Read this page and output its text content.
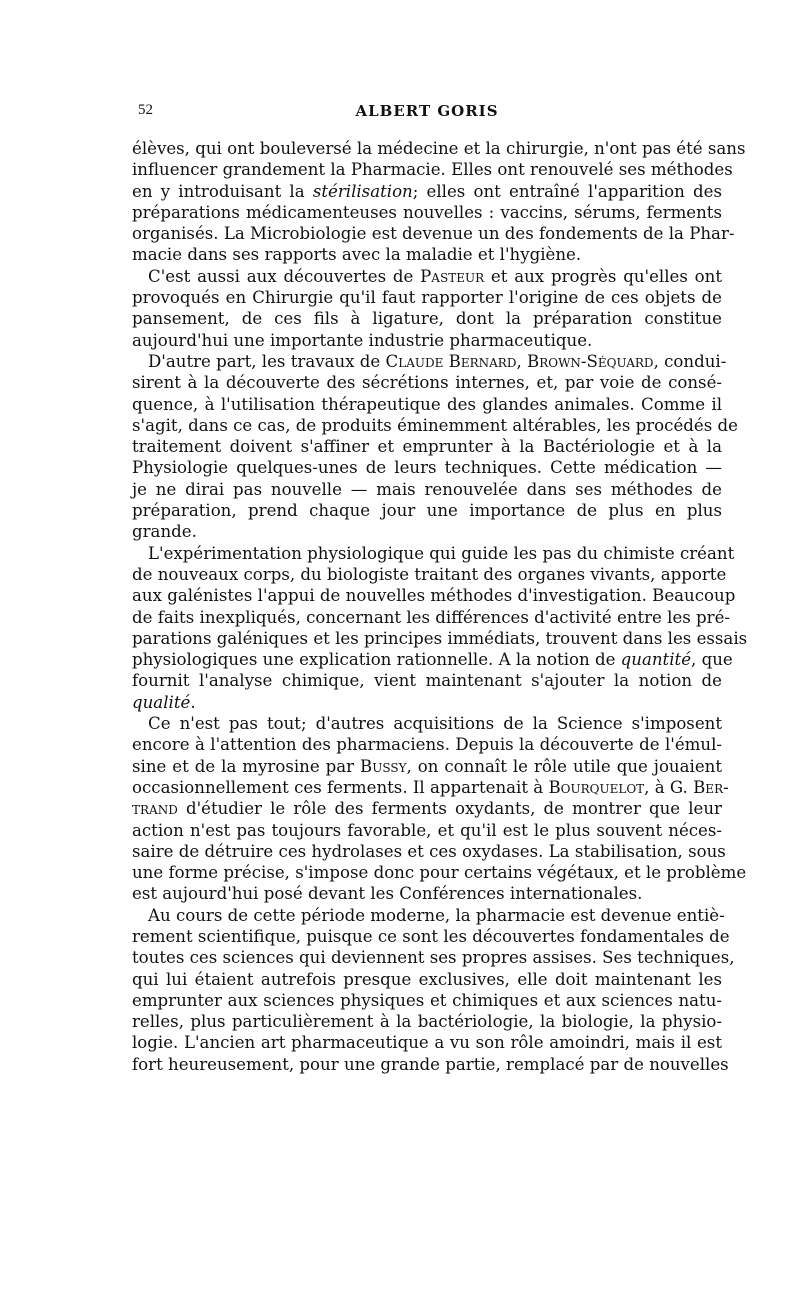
52	ALBERT GORIS
élèves, qui ont bouleversé la médecine et la chirurgie, n'ont pas été sans
influencer grandement la Pharmacie. Elles ont renouvelé ses méthodes
en y introduisant la stérilisation; elles ont entraîné l'apparition des
préparations médicamenteuses nouvelles : vaccins, sérums, ferments
organisés. La Microbiologie est devenue un des fondements de la Phar-
macie dans ses rapports avec la maladie et l'hygiène.
C'est aussi aux découvertes de Pasteur et aux progrès qu'elles ont
provoqués en Chirurgie qu'il faut rapporter l'origine de ces objets de
pansement, de ces fils à ligature, dont la préparation constitue
aujourd'hui une importante industrie pharmaceutique.
D'autre part, les travaux de Claude Bernard, Brown-Séquard, condui-
sirent à la découverte des sécrétions internes, et, par voie de consé-
quence, à l'utilisation thérapeutique des glandes animales. Comme il
s'agit, dans ce cas, de produits éminemment altérables, les procédés de
traitement doivent s'affiner et emprunter à la Bactériologie et à la
Physiologie quelques-unes de leurs techniques. Cette médication —
je ne dirai pas nouvelle — mais renouvelée dans ses méthodes de
préparation, prend chaque jour une importance de plus en plus
grande.
L'expérimentation physiologique qui guide les pas du chimiste créant
de nouveaux corps, du biologiste traitant des organes vivants, apporte
aux galénistes l'appui de nouvelles méthodes d'investigation. Beaucoup
de faits inexpliqués, concernant les différences d'activité entre les pré-
parations galéniques et les principes immédiats, trouvent dans les essais
physiologiques une explication rationnelle. A la notion de quantité, que
fournit l'analyse chimique, vient maintenant s'ajouter la notion de
qualité.
Ce n'est pas tout; d'autres acquisitions de la Science s'imposent
encore à l'attention des pharmaciens. Depuis la découverte de l'émul-
sine et de la myrosine par Bussy, on connaît le rôle utile que jouaient
occasionnellement ces ferments. Il appartenait à Bourquelot, à G. Ber-
trand d'étudier le rôle des ferments oxydants, de montrer que leur
action n'est pas toujours favorable, et qu'il est le plus souvent néces-
saire de détruire ces hydrolases et ces oxydases. La stabilisation, sous
une forme précise, s'impose donc pour certains végétaux, et le problème
est aujourd'hui posé devant les Conférences internationales.
Au cours de cette période moderne, la pharmacie est devenue entiè-
rement scientifique, puisque ce sont les découvertes fondamentales de
toutes ces sciences qui deviennent ses propres assises. Ses techniques,
qui lui étaient autrefois presque exclusives, elle doit maintenant les
emprunter aux sciences physiques et chimiques et aux sciences natu-
relles, plus particulièrement à la bactériologie, la biologie, la physio-
logie. L'ancien art pharmaceutique a vu son rôle amoindri, mais il est
fort heureusement, pour une grande partie, remplacé par de nouvelles
